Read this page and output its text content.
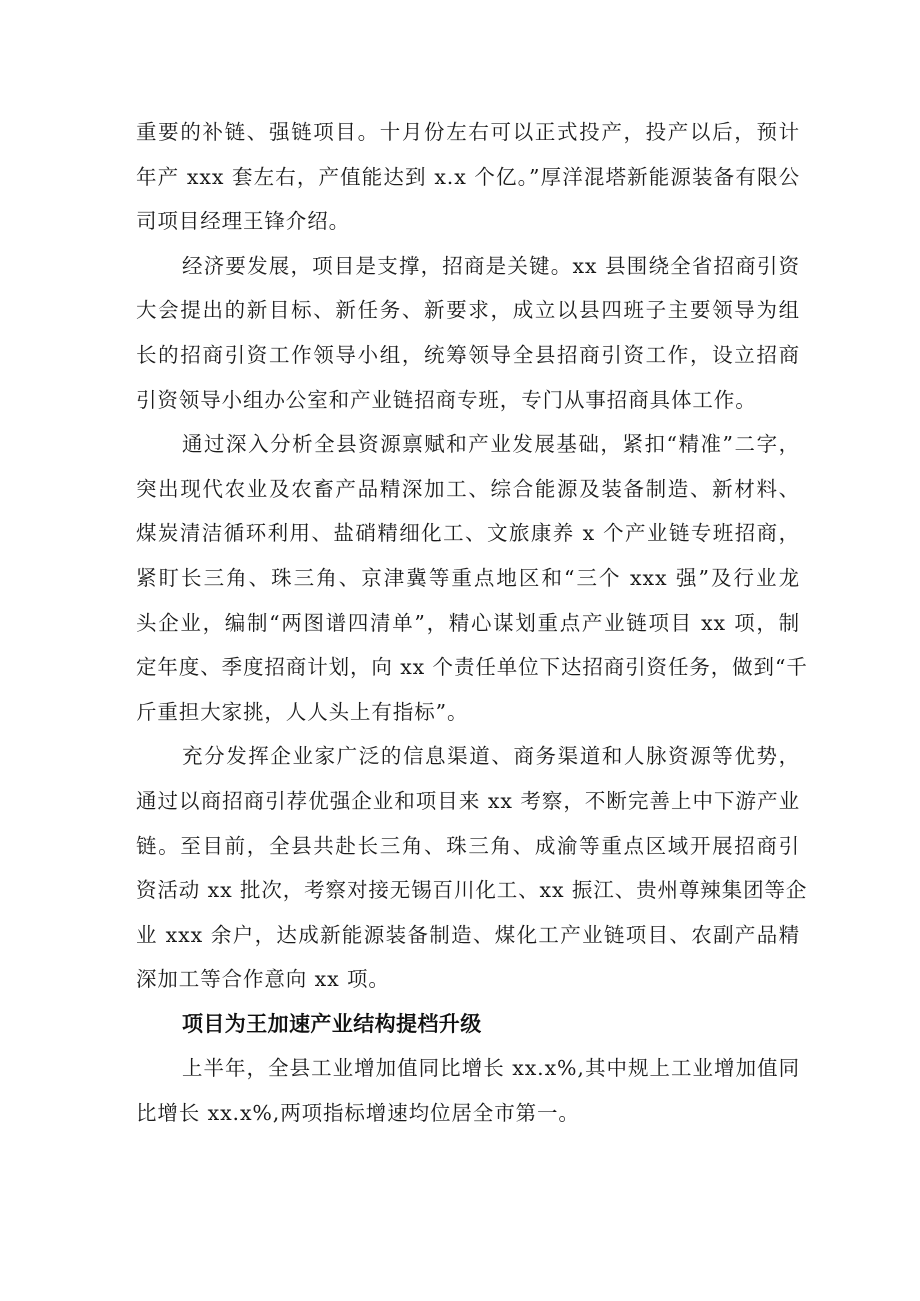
重要的补链、强链项目。十月份左右可以正式投产，投产以后，预计
年产 xxx 套左右，产值能达到 x.x 个亿。”厚洋混塔新能源装备有限公
司项目经理王锋介绍。

经济要发展，项目是支撑，招商是关键。xx 县围绕全省招商引资
大会提出的新目标、新任务、新要求，成立以县四班子主要领导为组
长的招商引资工作领导小组，统筹领导全县招商引资工作，设立招商
引资领导小组办公室和产业链招商专班，专门从事招商具体工作。

通过深入分析全县资源禀赋和产业发展基础，紧扣“精准”二字，
突出现代农业及农畜产品精深加工、综合能源及装备制造、新材料、
煤炭清洁循环利用、盐硝精细化工、文旅康养 x 个产业链专班招商，
紧盯长三角、珠三角、京津冀等重点地区和“三个 xxx 强”及行业龙
头企业，编制“两图谱四清单”，精心谋划重点产业链项目 xx 项，制
定年度、季度招商计划，向 xx 个责任单位下达招商引资任务，做到“千
斤重担大家挑，人人头上有指标”。

充分发挥企业家广泛的信息渠道、商务渠道和人脉资源等优势，
通过以商招商引荐优强企业和项目来 xx 考察，不断完善上中下游产业
链。至目前，全县共赴长三角、珠三角、成渝等重点区域开展招商引
资活动 xx 批次，考察对接无锡百川化工、xx 振江、贵州尊辣集团等企
业 xxx 余户，达成新能源装备制造、煤化工产业链项目、农副产品精
深加工等合作意向 xx 项。

项目为王加速产业结构提档升级

上半年，全县工业增加值同比增长 xx.x%,其中规上工业增加值同
比增长 xx.x%,两项指标增速均位居全市第一。
